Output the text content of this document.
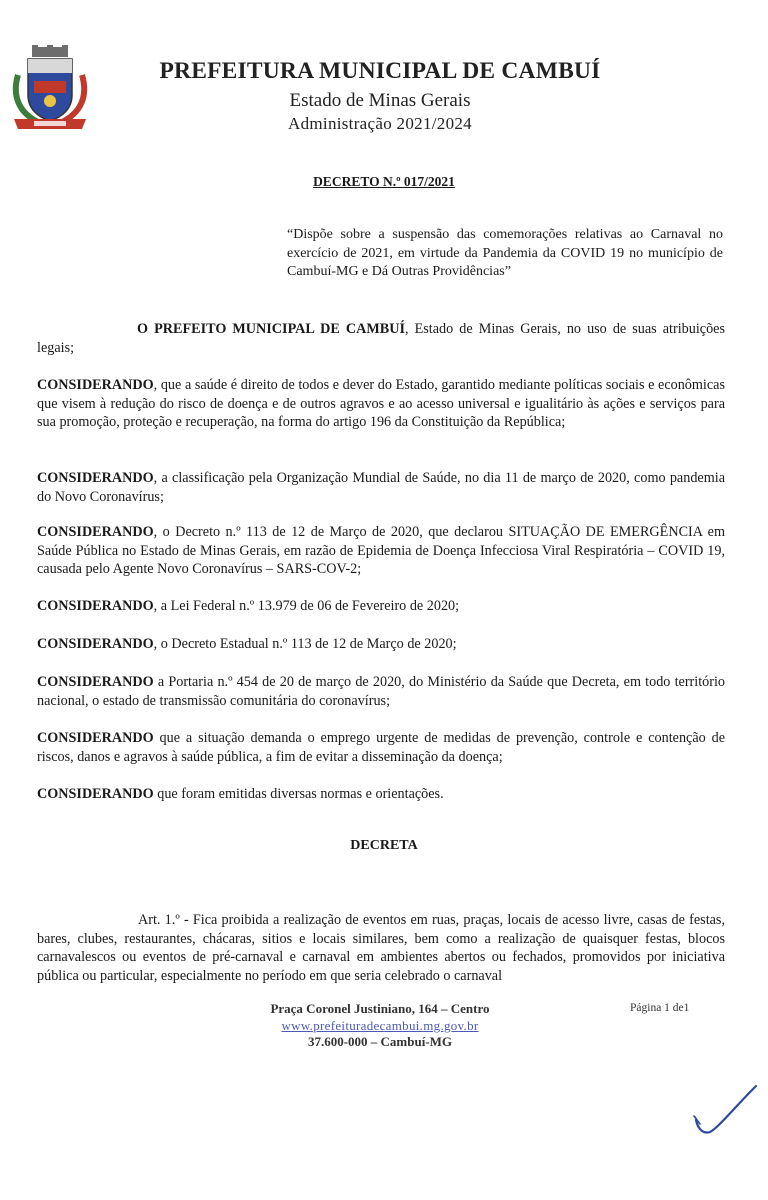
PREFEITURA MUNICIPAL DE CAMBUÍ
Estado de Minas Gerais
Administração 2021/2024
DECRETO N.º 017/2021
“Dispõe sobre a suspensão das comemorações relativas ao Carnaval no exercício de 2021, em virtude da Pandemia da COVID 19 no município de Cambuí-MG e Dá Outras Providências”
O PREFEITO MUNICIPAL DE CAMBUÍ, Estado de Minas Gerais, no uso de suas atribuições legais;
CONSIDERANDO, que a saúde é direito de todos e dever do Estado, garantido mediante políticas sociais e econômicas que visem à redução do risco de doença e de outros agravos e ao acesso universal e igualitário às ações e serviços para sua promoção, proteção e recuperação, na forma do artigo 196 da Constituição da República;
CONSIDERANDO, a classificação pela Organização Mundial de Saúde, no dia 11 de março de 2020, como pandemia do Novo Coronavírus;
CONSIDERANDO, o Decreto n.º 113 de 12 de Março de 2020, que declarou SITUAÇÃO DE EMERGÊNCIA em Saúde Pública no Estado de Minas Gerais, em razão de Epidemia de Doença Infecciosa Viral Respiratória – COVID 19, causada pelo Agente Novo Coronavírus – SARS-COV-2;
CONSIDERANDO, a Lei Federal n.º 13.979 de 06 de Fevereiro de 2020;
CONSIDERANDO, o Decreto Estadual n.º 113 de 12 de Março de 2020;
CONSIDERANDO a Portaria n.º 454 de 20 de março de 2020, do Ministério da Saúde que Decreta, em todo território nacional, o estado de transmissão comunitária do coronavírus;
CONSIDERANDO que a situação demanda o emprego urgente de medidas de prevenção, controle e contenção de riscos, danos e agravos à saúde pública, a fim de evitar a disseminação da doença;
CONSIDERANDO que foram emitidas diversas normas e orientações.
DECRETA
Art. 1.º - Fica proibida a realização de eventos em ruas, praças, locais de acesso livre, casas de festas, bares, clubes, restaurantes, chácaras, sitios e locais similares, bem como a realização de quaisquer festas, blocos carnavalescos ou eventos de pré-carnaval e carnaval em ambientes abertos ou fechados, promovidos por iniciativa pública ou particular, especialmente no período em que seria celebrado o carnaval
Praça Coronel Justiniano, 164 – Centro
www.prefeituradecambui.mg.gov.br
37.600-000 – Cambuí-MG
Página 1 de1
